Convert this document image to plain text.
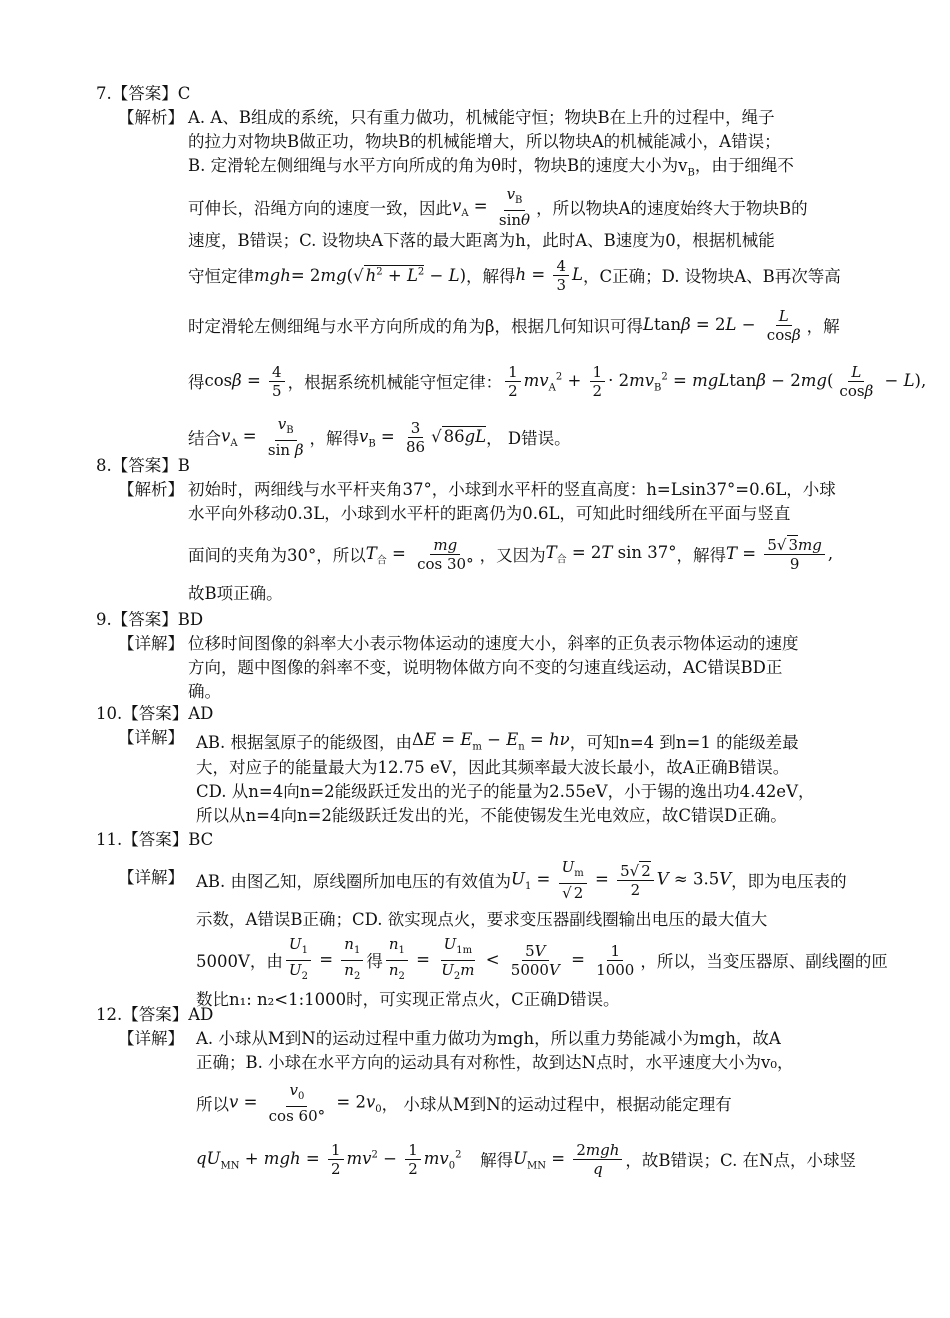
7.【答案】C
【解析】 A. A、B组成的系统，只有重力做功，机械能守恒；物块B在上升的过程中，绳子
的拉力对物块B做正功，物块B的机械能增大，所以物块A的机械能减小，A错误；
B. 定滑轮左侧细绳与水平方向所成的角为θ时，物块B的速度大小为$v_B$，由于细绳不
可伸长，沿绳方向的速度一致，因此 $v_A = \frac{v_B}{\sin\theta}$ ，所以物块A的速度始终大于物块B的
速度，B错误；C. 设物块A下落的最大距离为h，此时A、B速度为0，根据机械能
守恒定律 mgh= 2mg(√ $h^2 + L^2 - L$) ，解得 $h = \frac{4}{3}$ L ，C正确；D. 设物块A、B再次等高
时定滑轮左侧细绳与水平方向所成的角为β，根据几何知识可得 $Ltan\beta = 2L - \frac{L}{\cos\beta}$ ，解
得 $\cos\beta = \frac{4}{5}$ ，根据系统机械能守恒定律： $\frac{1}{2} mv_A^2 + \frac{1}{2} \cdot 2mv_B^2 = mgLtan\beta - 2mg( \frac{L}{\cos\beta} - L)$,
结合 $v_A = \frac{v_B}{\text{sin β}}$ ，解得 $v_B = \frac{3}{86}$ √ 86gL ， D错误。
8.【答案】B
【解析】 初始时，两细线与水平杆夹角37°，小球到水平杆的竖直高度：h=Lsin37°=0.6L，小球
水平向外移动0.3L，小球到水平杆的距离仍为0.6L，可知此时细线所在平面与竖直
面间的夹角为30°，所以 $T_合 = \frac{mg}{\cos 30^\circ}$ ，又因为 $T_合 = 2T$ sin 37° ，解得 $T = \frac{5√ 3mg}{9}$ ,
故B项正确。
9.【答案】BD
【详解】 位移时间图像的斜率大小表示物体运动的速度大小，斜率的正负表示物体运动的速度
方向，题中图像的斜率不变，说明物体做方向不变的匀速直线运动，AC错误BD正
确。
10.【答案】AD
【详解】 AB. 根据氢原子的能级图，由 $\Delta E = E_m - E_n = h\nu$ ，可知n=4 到n=1 的能级差最
大，对应子的能量最大为12.75 eV，因此其频率最大波长最小，故A正确B错误。
CD. 从n=4向n=2能级跃迁发出的光子的能量为2.55eV，小于锡的逸出功4.42eV，
所以从n=4向n=2能级跃迁发出的光，不能使锡发生光电效应，故C错误D正确。
11.【答案】BC
【详解】 AB. 由图乙知，原线圈所加电压的有效值为 $U_1 = \frac{U_m}{√ 2} = \frac{5√ 2}{2}$ V ≈ 3.5V ，即为电压表的
示数，A错误B正确；CD. 欲实现点火，要求变压器副线圈输出电压的最大值大
5000V，由 $\frac{U_1}{U_2} = \frac{n_1}{n_2}$ 得 $\frac{n_1}{n_2} = \frac{U_{1m}}{U_2m} < \frac{5V}{5000V} = \frac{1}{1000}$ ，所以，当变压器原、副线圈的匝
数比n₁: n₂<1:1000时，可实现正常点火，C正确D错误。
12.【答案】AD
【详解】 A. 小球从M到N的运动过程中重力做功为mgh，所以重力势能减小为mgh，故A
正确；B. 小球在水平方向的运动具有对称性，故到达N点时，水平速度大小为v₀，
所以 $v = \frac{v_0}{\cos 60^\circ} = 2v_0$ ， 小球从M到N的运动过程中，根据动能定理有
$qU_{MN}$ + mgh = $\frac{1}{2} mv^2 - \frac{1}{2} mv_0^2$ 解得 $U_{MN} = \frac{\text{2mgh}}{q}$ ，故B错误；C. 在N点，小球竖
